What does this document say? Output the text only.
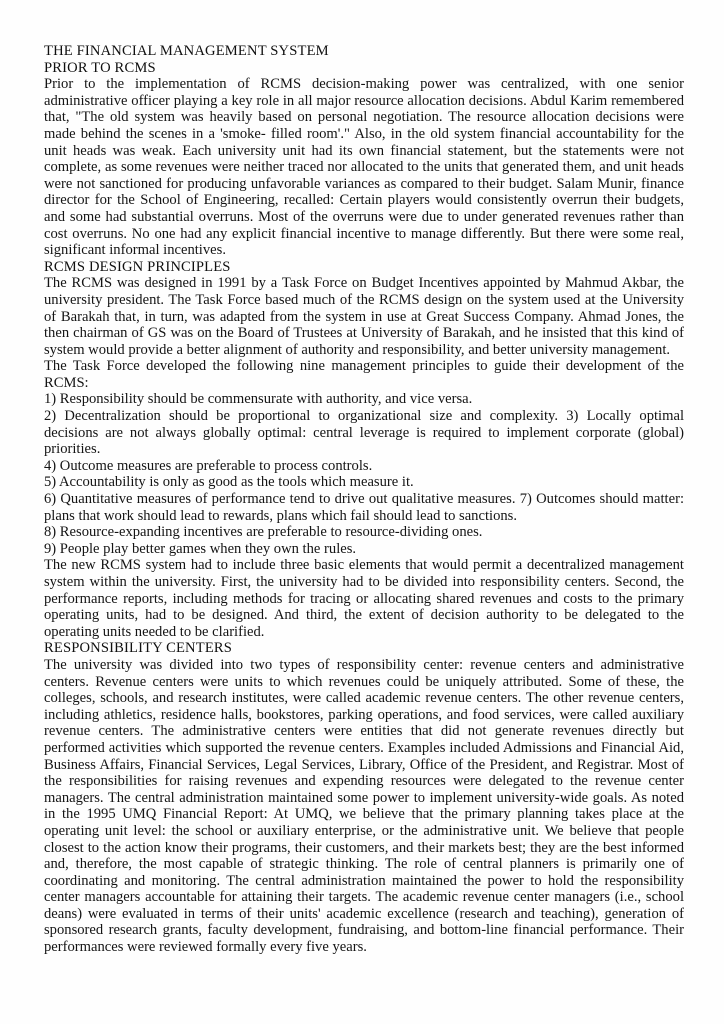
THE FINANCIAL MANAGEMENT SYSTEM
PRIOR TO RCMS
Prior to the implementation of RCMS decision-making power was centralized, with one senior administrative officer playing a key role in all major resource allocation decisions. Abdul Karim remembered that, "The old system was heavily based on personal negotiation. The resource allocation decisions were made behind the scenes in a 'smoke- filled room'." Also, in the old system financial accountability for the unit heads was weak. Each university unit had its own financial statement, but the statements were not complete, as some revenues were neither traced nor allocated to the units that generated them, and unit heads were not sanctioned for producing unfavorable variances as compared to their budget. Salam Munir, finance director for the School of Engineering, recalled: Certain players would consistently overrun their budgets, and some had substantial overruns. Most of the overruns were due to under generated revenues rather than cost overruns. No one had any explicit financial incentive to manage differently. But there were some real, significant informal incentives.
RCMS DESIGN PRINCIPLES
The RCMS was designed in 1991 by a Task Force on Budget Incentives appointed by Mahmud Akbar, the university president. The Task Force based much of the RCMS design on the system used at the University of Barakah that, in turn, was adapted from the system in use at Great Success Company. Ahmad Jones, the then chairman of GS was on the Board of Trustees at University of Barakah, and he insisted that this kind of system would provide a better alignment of authority and responsibility, and better university management.
The Task Force developed the following nine management principles to guide their development of the RCMS:
1) Responsibility should be commensurate with authority, and vice versa.
2) Decentralization should be proportional to organizational size and complexity. 3) Locally optimal decisions are not always globally optimal: central leverage is required to implement corporate (global) priorities.
4) Outcome measures are preferable to process controls.
5) Accountability is only as good as the tools which measure it.
6) Quantitative measures of performance tend to drive out qualitative measures. 7) Outcomes should matter: plans that work should lead to rewards, plans which fail should lead to sanctions.
8) Resource-expanding incentives are preferable to resource-dividing ones.
9) People play better games when they own the rules.
The new RCMS system had to include three basic elements that would permit a decentralized management system within the university. First, the university had to be divided into responsibility centers. Second, the performance reports, including methods for tracing or allocating shared revenues and costs to the primary operating units, had to be designed. And third, the extent of decision authority to be delegated to the operating units needed to be clarified.
RESPONSIBILITY CENTERS
The university was divided into two types of responsibility center: revenue centers and administrative centers. Revenue centers were units to which revenues could be uniquely attributed. Some of these, the colleges, schools, and research institutes, were called academic revenue centers. The other revenue centers, including athletics, residence halls, bookstores, parking operations, and food services, were called auxiliary revenue centers. The administrative centers were entities that did not generate revenues directly but performed activities which supported the revenue centers. Examples included Admissions and Financial Aid, Business Affairs, Financial Services, Legal Services, Library, Office of the President, and Registrar. Most of the responsibilities for raising revenues and expending resources were delegated to the revenue center managers. The central administration maintained some power to implement university-wide goals. As noted in the 1995 UMQ Financial Report: At UMQ, we believe that the primary planning takes place at the operating unit level: the school or auxiliary enterprise, or the administrative unit. We believe that people closest to the action know their programs, their customers, and their markets best; they are the best informed and, therefore, the most capable of strategic thinking. The role of central planners is primarily one of coordinating and monitoring. The central administration maintained the power to hold the responsibility center managers accountable for attaining their targets. The academic revenue center managers (i.e., school deans) were evaluated in terms of their units' academic excellence (research and teaching), generation of sponsored research grants, faculty development, fundraising, and bottom-line financial performance. Their performances were reviewed formally every five years.
